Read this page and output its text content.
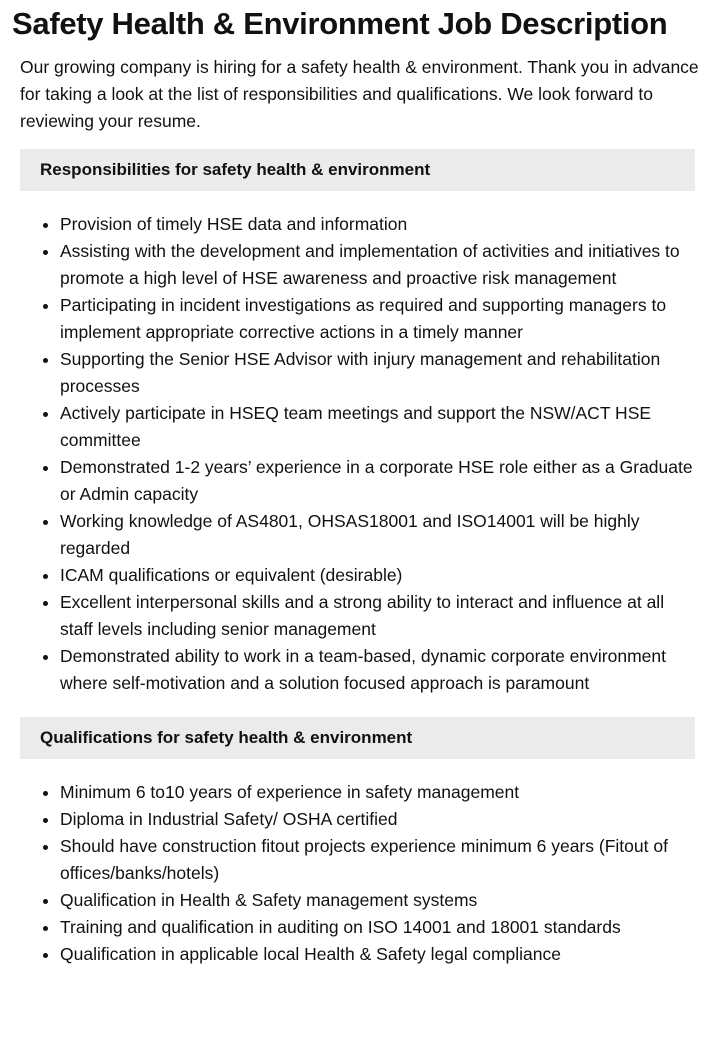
Safety Health & Environment Job Description

Our growing company is hiring for a safety health & environment. Thank you in advance for taking a look at the list of responsibilities and qualifications. We look forward to reviewing your resume.

Responsibilities for safety health & environment
• Provision of timely HSE data and information
• Assisting with the development and implementation of activities and initiatives to promote a high level of HSE awareness and proactive risk management
• Participating in incident investigations as required and supporting managers to implement appropriate corrective actions in a timely manner
• Supporting the Senior HSE Advisor with injury management and rehabilitation processes
• Actively participate in HSEQ team meetings and support the NSW/ACT HSE committee
• Demonstrated 1-2 years’ experience in a corporate HSE role either as a Graduate or Admin capacity
• Working knowledge of AS4801, OHSAS18001 and ISO14001 will be highly regarded
• ICAM qualifications or equivalent (desirable)
• Excellent interpersonal skills and a strong ability to interact and influence at all staff levels including senior management
• Demonstrated ability to work in a team-based, dynamic corporate environment where self-motivation and a solution focused approach is paramount
Qualifications for safety health & environment
• Minimum 6 to10 years of experience in safety management
• Diploma in Industrial Safety/ OSHA certified
• Should have construction fitout projects experience minimum 6 years (Fitout of offices/banks/hotels)
• Qualification in Health & Safety management systems
• Training and qualification in auditing on ISO 14001 and 18001 standards
• Qualification in applicable local Health & Safety legal compliance
